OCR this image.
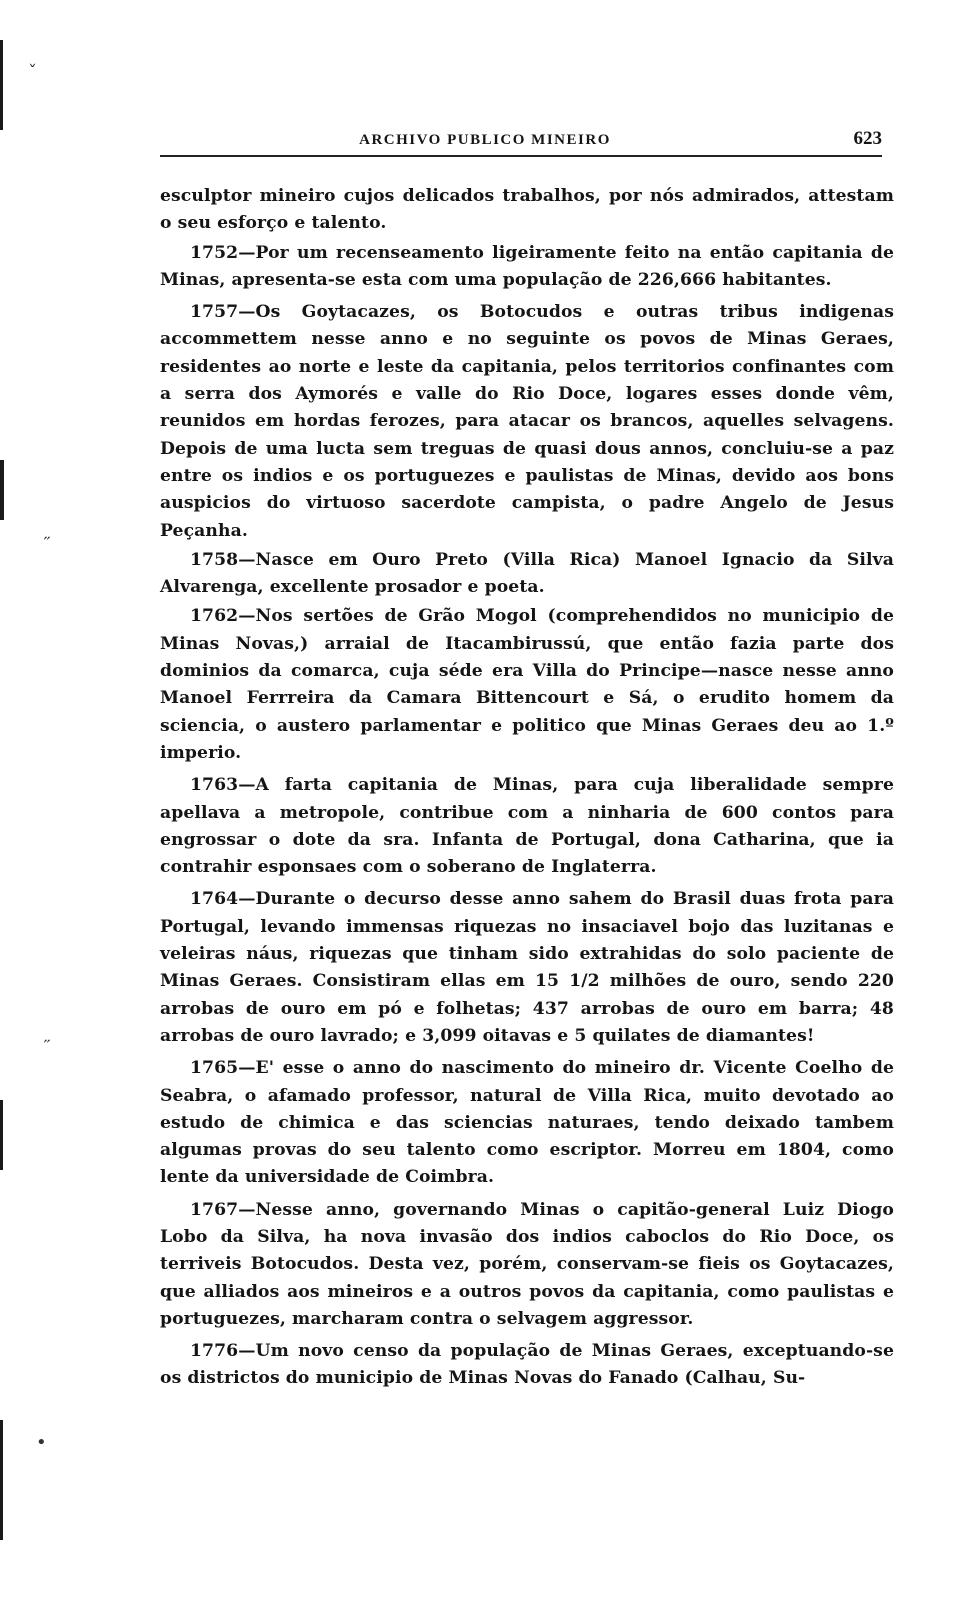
ˇ
˶
˶
•
ARCHIVO PUBLICO MINEIRO	623

esculptor mineiro cujos delicados trabalhos, por nós admirados, attestam o seu esforço e talento.

1752—Por um recenseamento ligeiramente feito na então capitania de Minas, apresenta-se esta com uma população de 226,666 habitantes.

1757—Os Goytacazes, os Botocudos e outras tribus indigenas accommettem nesse anno e no seguinte os povos de Minas Geraes, residentes ao norte e leste da capitania, pelos territorios confinantes com a serra dos Aymorés e valle do Rio Doce, logares esses donde vêm, reunidos em hordas ferozes, para atacar os brancos, aquelles selvagens. Depois de uma lucta sem treguas de quasi dous annos, concluiu-se a paz entre os indios e os portuguezes e paulistas de Minas, devido aos bons auspicios do virtuoso sacerdote campista, o padre Angelo de Jesus Peçanha.

1758—Nasce em Ouro Preto (Villa Rica) Manoel Ignacio da Silva Alvarenga, excellente prosador e poeta.

1762—Nos sertões de Grão Mogol (comprehendidos no municipio de Minas Novas,) arraial de Itacambirussú, que então fazia parte dos dominios da comarca, cuja séde era Villa do Principe—nasce nesse anno Manoel Ferrreira da Camara Bittencourt e Sá, o erudito homem da sciencia, o austero parlamentar e politico que Minas Geraes deu ao 1.º imperio.

1763—A farta capitania de Minas, para cuja liberalidade sempre apellava a metropole, contribue com a ninharia de 600 contos para engrossar o dote da sra. Infanta de Portugal, dona Catharina, que ia contrahir esponsaes com o soberano de Inglaterra.

1764—Durante o decurso desse anno sahem do Brasil duas frota para Portugal, levando immensas riquezas no insaciavel bojo das luzitanas e veleiras náus, riquezas que tinham sido extrahidas do solo paciente de Minas Geraes. Consistiram ellas em 15 1/2 milhões de ouro, sendo 220 arrobas de ouro em pó e folhetas; 437 arrobas de ouro em barra; 48 arrobas de ouro lavrado; e 3,099 oitavas e 5 quilates de diamantes!

1765—E' esse o anno do nascimento do mineiro dr. Vicente Coelho de Seabra, o afamado professor, natural de Villa Rica, muito devotado ao estudo de chimica e das sciencias naturaes, tendo deixado tambem algumas provas do seu talento como escriptor. Morreu em 1804, como lente da universidade de Coimbra.

1767—Nesse anno, governando Minas o capitão-general Luiz Diogo Lobo da Silva, ha nova invasão dos indios caboclos do Rio Doce, os terriveis Botocudos. Desta vez, porém, conservam-se fieis os Goytacazes, que alliados aos mineiros e a outros povos da capitania, como paulistas e portuguezes, marcharam contra o selvagem aggressor.

1776—Um novo censo da população de Minas Geraes, exceptuando-se os districtos do municipio de Minas Novas do Fanado (Calhau, Su-
